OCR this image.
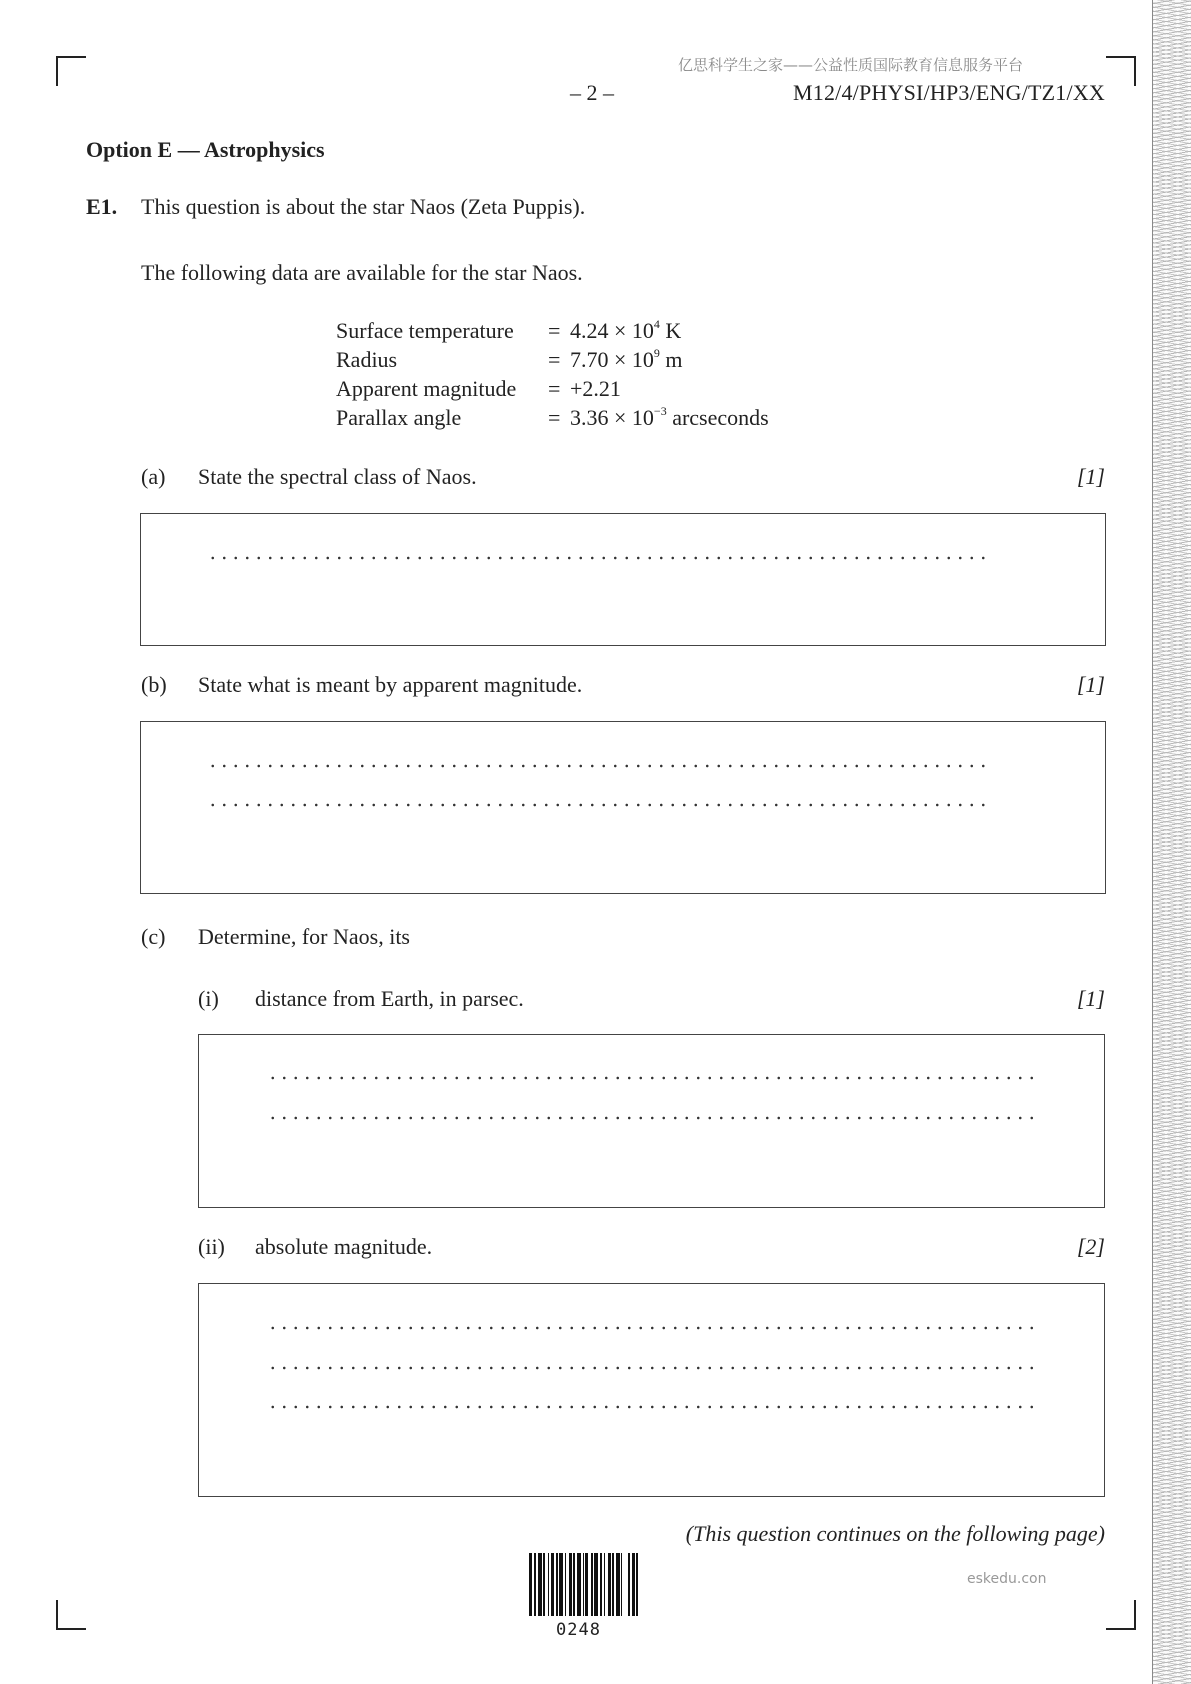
亿思科学生之家——公益性质国际教育信息服务平台
– 2 –	M12/4/PHYSI/HP3/ENG/TZ1/XX
Option E — Astrophysics
E1. This question is about the star Naos (Zeta Puppis).
The following data are available for the star Naos.
Surface temperature	=	$4.24 \times 10^4$ K
Radius	=	$7.70 \times 10^9$ m
Apparent magnitude	=	+2.21
Parallax angle	=	$3.36 \times 10^{-3}$ arcseconds
(a) State the spectral class of Naos.	[1]
(b) State what is meant by apparent magnitude.	[1]
(c) Determine, for Naos, its
(i) distance from Earth, in parsec.	[1]
(ii) absolute magnitude.	[2]
(This question continues on the following page)
0248
eskedu.con
